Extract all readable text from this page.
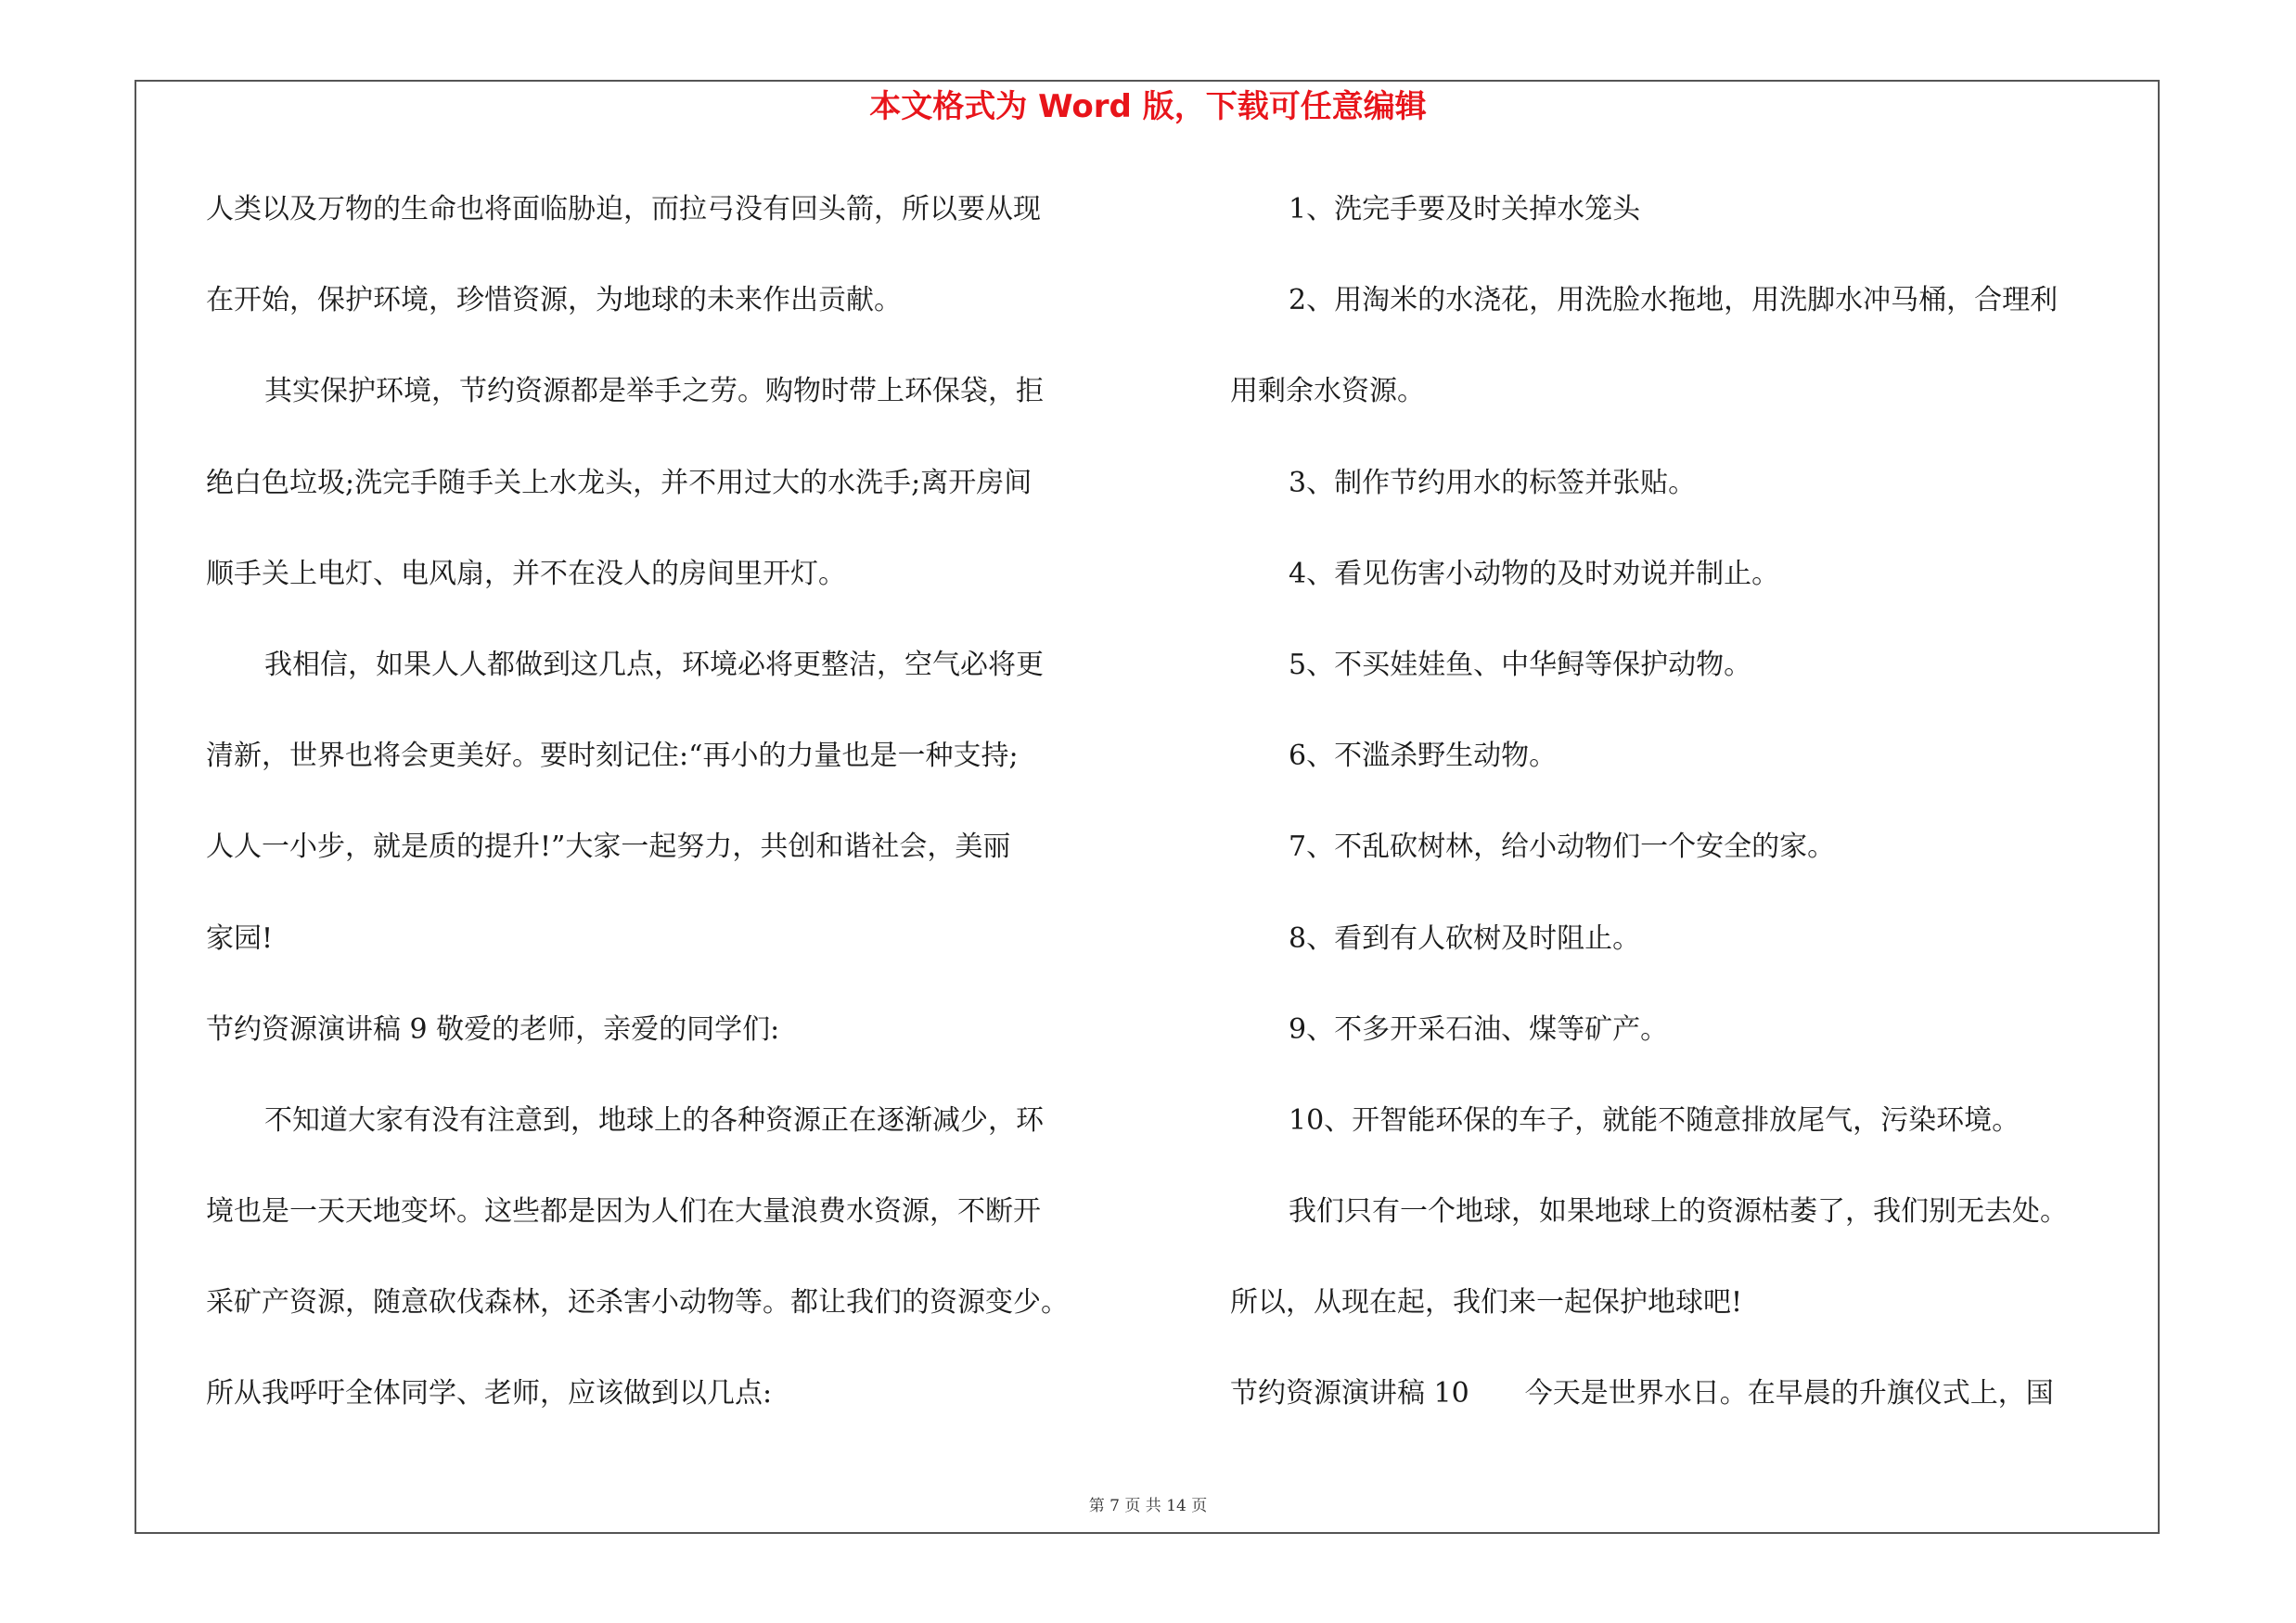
本文格式为 Word 版，下载可任意编辑
人类以及万物的生命也将面临胁迫，而拉弓没有回头箭，所以要从现
在开始，保护环境，珍惜资源，为地球的未来作出贡献。
其实保护环境，节约资源都是举手之劳。购物时带上环保袋，拒
绝白色垃圾;洗完手随手关上水龙头，并不用过大的水洗手;离开房间
顺手关上电灯、电风扇，并不在没人的房间里开灯。
我相信，如果人人都做到这几点，环境必将更整洁，空气必将更
清新，世界也将会更美好。要时刻记住:“再小的力量也是一种支持;
人人一小步，就是质的提升!”大家一起努力，共创和谐社会，美丽
家园!
节约资源演讲稿 9 敬爱的老师，亲爱的同学们:
不知道大家有没有注意到，地球上的各种资源正在逐渐减少，环
境也是一天天地变坏。这些都是因为人们在大量浪费水资源，不断开
采矿产资源，随意砍伐森林，还杀害小动物等。都让我们的资源变少。
所从我呼吁全体同学、老师，应该做到以几点:
1、洗完手要及时关掉水笼头
2、用淘米的水浇花，用洗脸水拖地，用洗脚水冲马桶，合理利
用剩余水资源。
3、制作节约用水的标签并张贴。
4、看见伤害小动物的及时劝说并制止。
5、不买娃娃鱼、中华鲟等保护动物。
6、不滥杀野生动物。
7、不乱砍树林，给小动物们一个安全的家。
8、看到有人砍树及时阻止。
9、不多开采石油、煤等矿产。
10、开智能环保的车子，就能不随意排放尾气，污染环境。
我们只有一个地球，如果地球上的资源枯萎了，我们别无去处。
所以，从现在起，我们来一起保护地球吧!
节约资源演讲稿 10　　今天是世界水日。在早晨的升旗仪式上，国
第 7 页 共 14 页
